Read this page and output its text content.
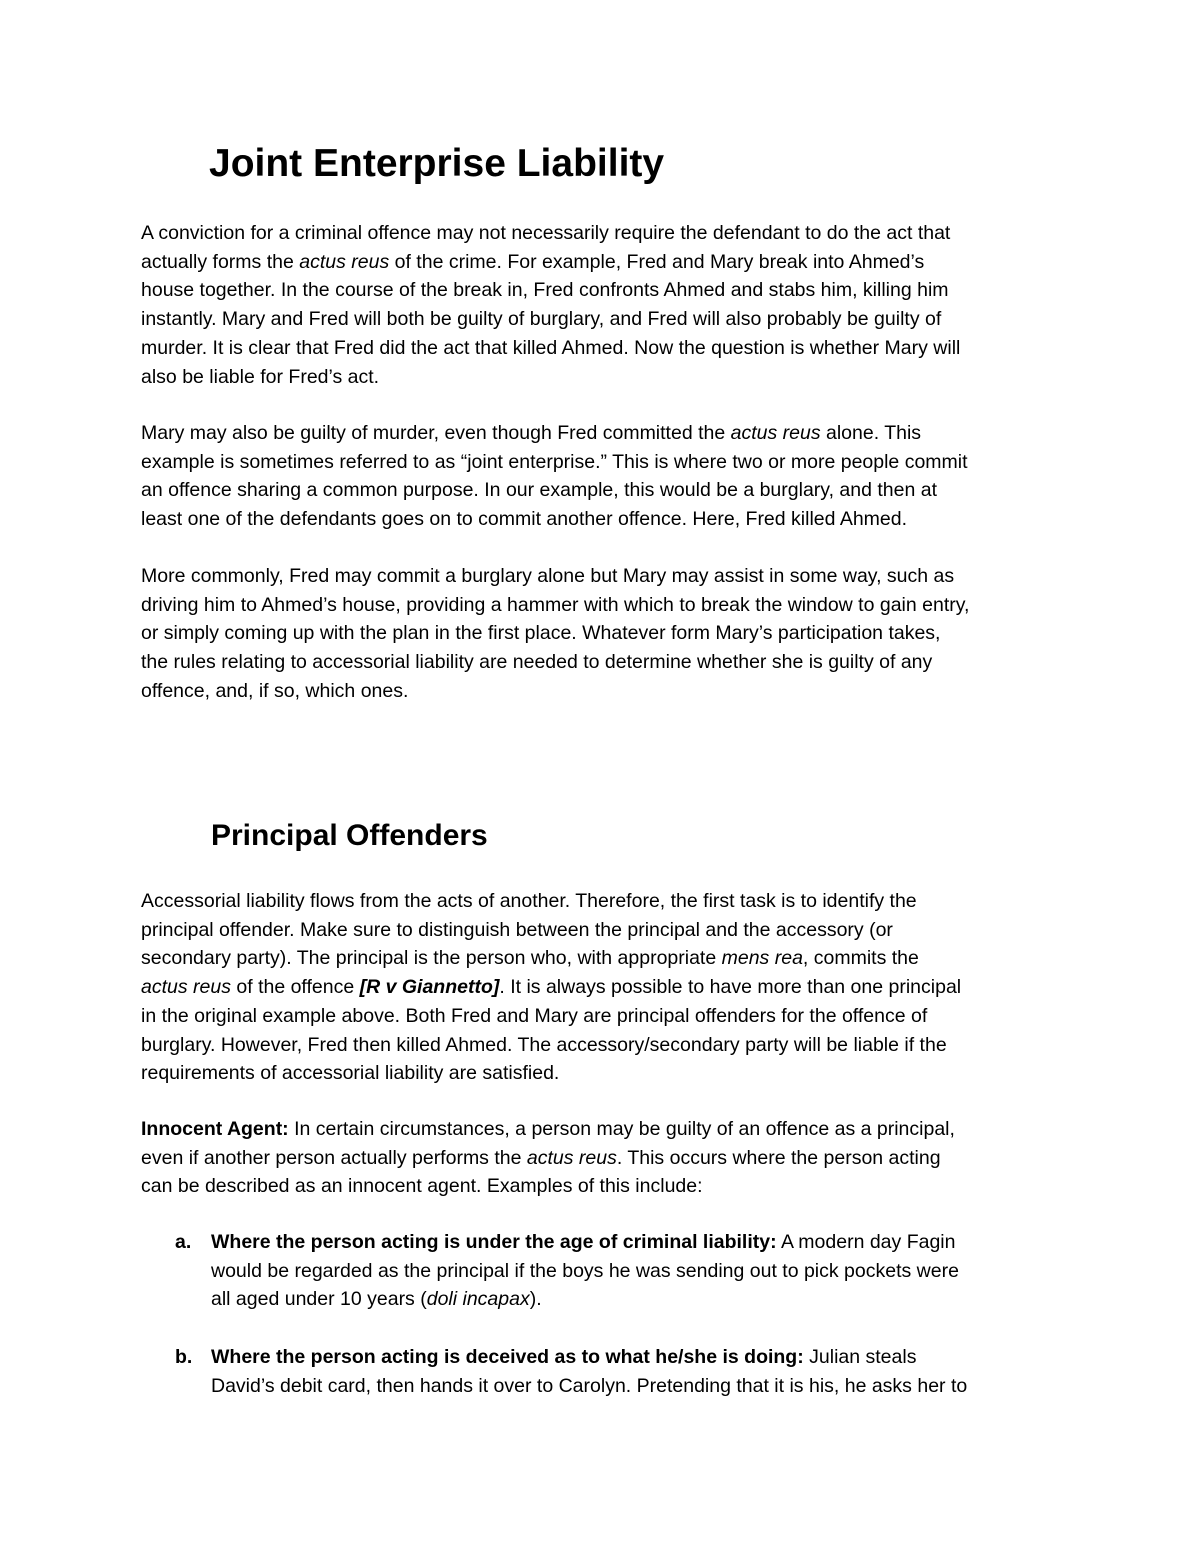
Joint Enterprise Liability
A conviction for a criminal offence may not necessarily require the defendant to do the act that
actually forms the actus reus of the crime. For example, Fred and Mary break into Ahmed’s
house together. In the course of the break in, Fred confronts Ahmed and stabs him, killing him
instantly. Mary and Fred will both be guilty of burglary, and Fred will also probably be guilty of
murder. It is clear that Fred did the act that killed Ahmed. Now the question is whether Mary will
also be liable for Fred’s act.
Mary may also be guilty of murder, even though Fred committed the actus reus alone. This
example is sometimes referred to as “joint enterprise.” This is where two or more people commit
an offence sharing a common purpose. In our example, this would be a burglary, and then at
least one of the defendants goes on to commit another offence. Here, Fred killed Ahmed.
More commonly, Fred may commit a burglary alone but Mary may assist in some way, such as
driving him to Ahmed’s house, providing a hammer with which to break the window to gain entry,
or simply coming up with the plan in the first place. Whatever form Mary’s participation takes,
the rules relating to accessorial liability are needed to determine whether she is guilty of any
offence, and, if so, which ones.
Principal Offenders
Accessorial liability flows from the acts of another. Therefore, the first task is to identify the
principal offender. Make sure to distinguish between the principal and the accessory (or
secondary party). The principal is the person who, with appropriate mens rea, commits the
actus reus of the offence [R v Giannetto]. It is always possible to have more than one principal
in the original example above. Both Fred and Mary are principal offenders for the offence of
burglary. However, Fred then killed Ahmed. The accessory/secondary party will be liable if the
requirements of accessorial liability are satisfied.
Innocent Agent: In certain circumstances, a person may be guilty of an offence as a principal,
even if another person actually performs the actus reus. This occurs where the person acting
can be described as an innocent agent. Examples of this include:
a. Where the person acting is under the age of criminal liability: A modern day Fagin
would be regarded as the principal if the boys he was sending out to pick pockets were
all aged under 10 years (doli incapax).
b. Where the person acting is deceived as to what he/she is doing: Julian steals
David’s debit card, then hands it over to Carolyn. Pretending that it is his, he asks her to
